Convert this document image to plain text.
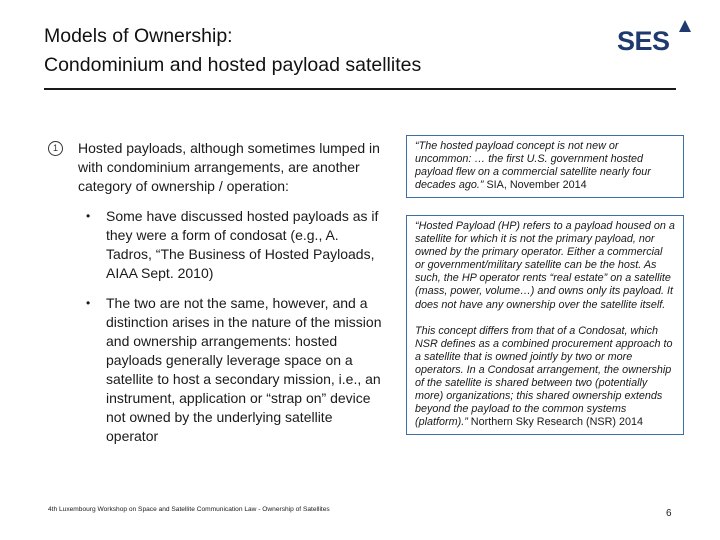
Models of Ownership:
Condominium and hosted payload satellites
SES
1	Hosted payloads, although sometimes lumped in with condominium arrangements, are another category of ownership / operation:
• Some have discussed hosted payloads as if they were a form of condosat (e.g., A. Tadros, “The Business of Hosted Payloads, AIAA Sept. 2010)
• The two are not the same, however, and a distinction arises in the nature of the mission and ownership arrangements: hosted payloads generally leverage space on a satellite to host a secondary mission, i.e., an instrument, application or “strap on” device not owned by the underlying satellite operator
“The hosted payload concept is not new or uncommon: … the first U.S. government hosted payload flew on a commercial satellite nearly four decades ago.” SIA, November 2014

“Hosted Payload (HP) refers to a payload housed on a satellite for which it is not the primary payload, nor owned by the primary operator. Either a commercial or government/military satellite can be the host. As such, the HP operator rents “real estate” on a satellite (mass, power, volume…) and owns only its payload. It does not have any ownership over the satellite itself.

This concept differs from that of a Condosat, which NSR defines as a combined procurement approach to a satellite that is owned jointly by two or more operators. In a Condosat arrangement, the ownership of the satellite is shared between two (potentially more) organizations; this shared ownership extends beyond the payload to the common systems (platform).” Northern Sky Research (NSR) 2014

4th Luxembourg Workshop on Space and Satellite Communication Law - Ownership of Satellites	6
